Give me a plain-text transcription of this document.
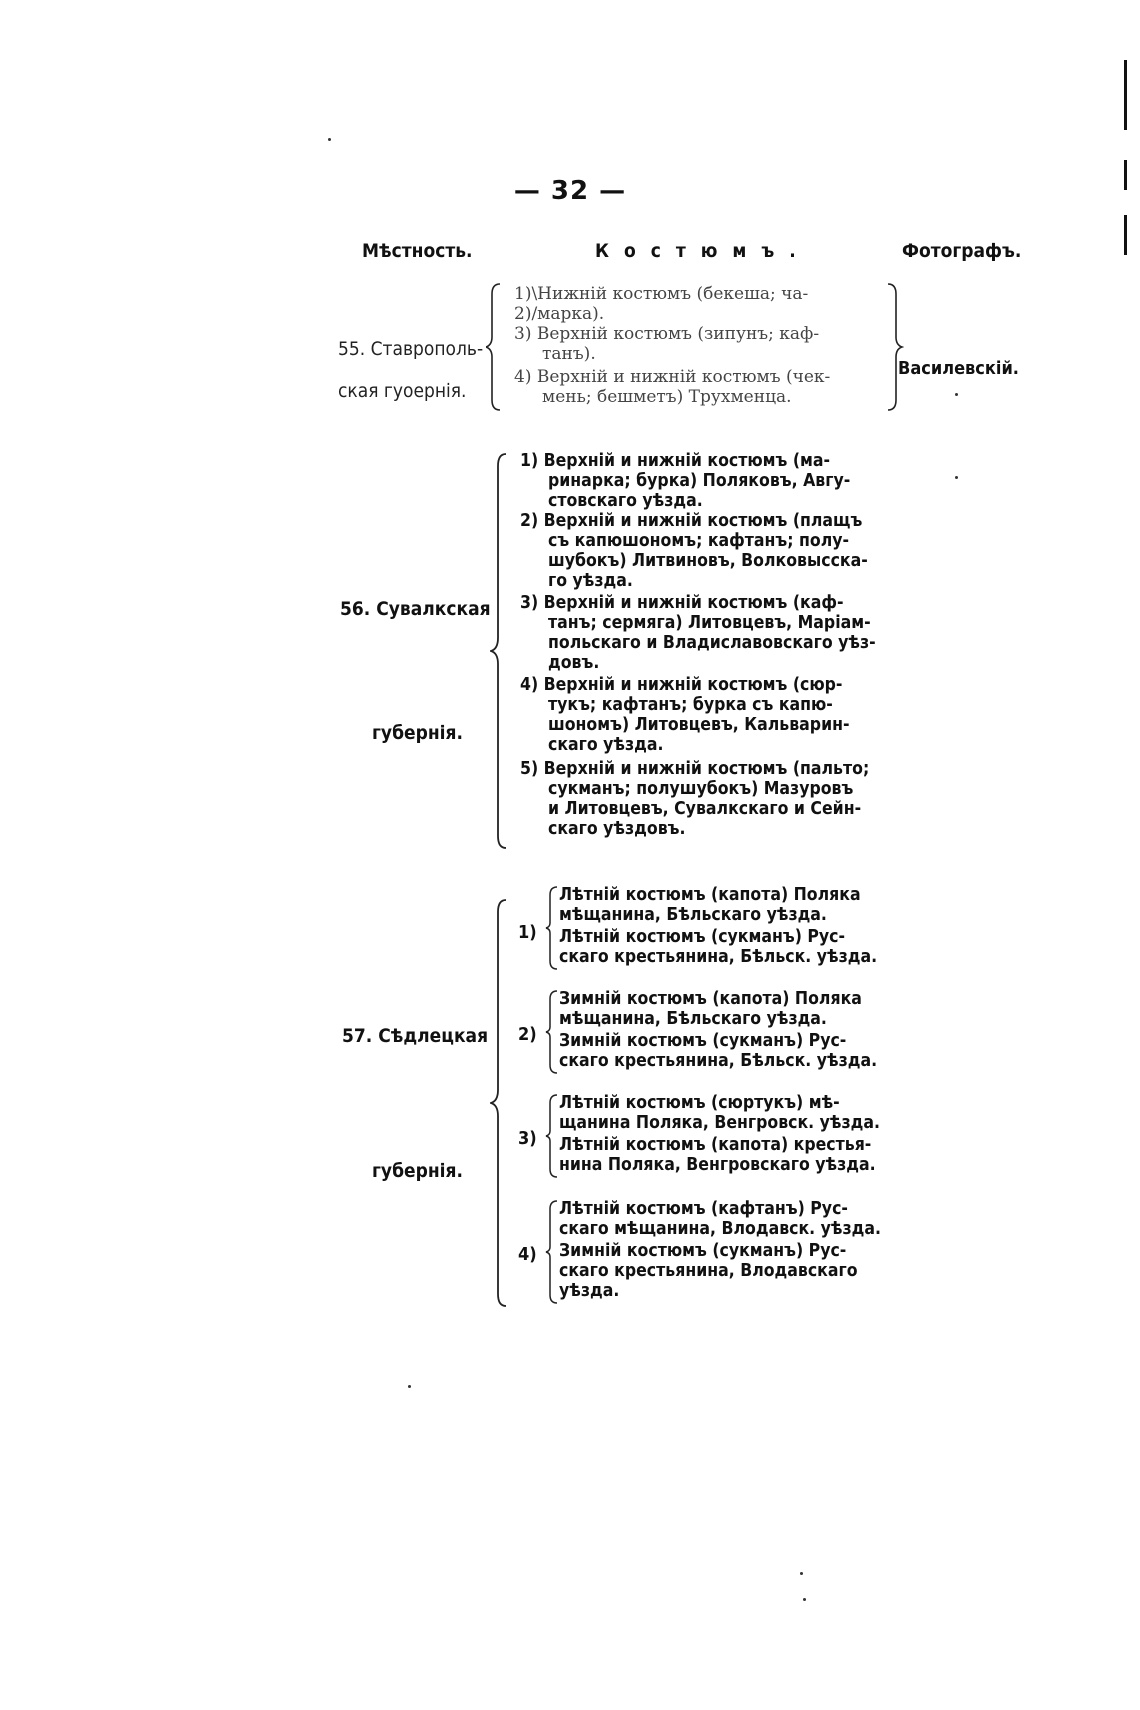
— 32 —
Мѣстность.	Костюмъ.	Фотографъ.
55. Ставрополь-
ская гуоернія.
1)\Нижній костюмъ (бекеша; ча-
2)/марка).
3) Верхній костюмъ (зипунъ; каф-
танъ).
4) Верхній и нижній костюмъ (чек-
мень; бешметъ) Трухменца.
Василевскій.
56. Сувалкская
губернія.
1) Верхній и нижній костюмъ (ма-
ринарка; бурка) Поляковъ, Авгу-
стовскаго уѣзда.
2) Верхній и нижній костюмъ (плащъ
съ капюшономъ; кафтанъ; полу-
шубокъ) Литвиновъ, Волковысска-
го уѣзда.
3) Верхній и нижній костюмъ (каф-
танъ; сермяга) Литовцевъ, Маріам-
польскаго и Владиславовскаго уѣз-
довъ.
4) Верхній и нижній костюмъ (сюр-
тукъ; кафтанъ; бурка съ капю-
шономъ) Литовцевъ, Кальварин-
скаго уѣзда.
5) Верхній и нижній костюмъ (пальто;
сукманъ; полушубокъ) Мазуровъ
и Литовцевъ, Сувалкскаго и Сейн-
скаго уѣздовъ.
57. Сѣдлецкая
губернія.
1)
Лѣтній костюмъ (капота) Поляка
мѣщанина, Бѣльскаго уѣзда.
Лѣтній костюмъ (сукманъ) Рус-
скаго крестьянина, Бѣльск. уѣзда.
2)
Зимній костюмъ (капота) Поляка
мѣщанина, Бѣльскаго уѣзда.
Зимній костюмъ (сукманъ) Рус-
скаго крестьянина, Бѣльск. уѣзда.
3)
Лѣтній костюмъ (сюртукъ) мѣ-
щанина Поляка, Венгровск. уѣзда.
Лѣтній костюмъ (капота) крестья-
нина Поляка, Венгровскаго уѣзда.
4)
Лѣтній костюмъ (кафтанъ) Рус-
скаго мѣщанина, Влодавск. уѣзда.
Зимній костюмъ (сукманъ) Рус-
скаго крестьянина, Влодавскаго
уѣзда.
